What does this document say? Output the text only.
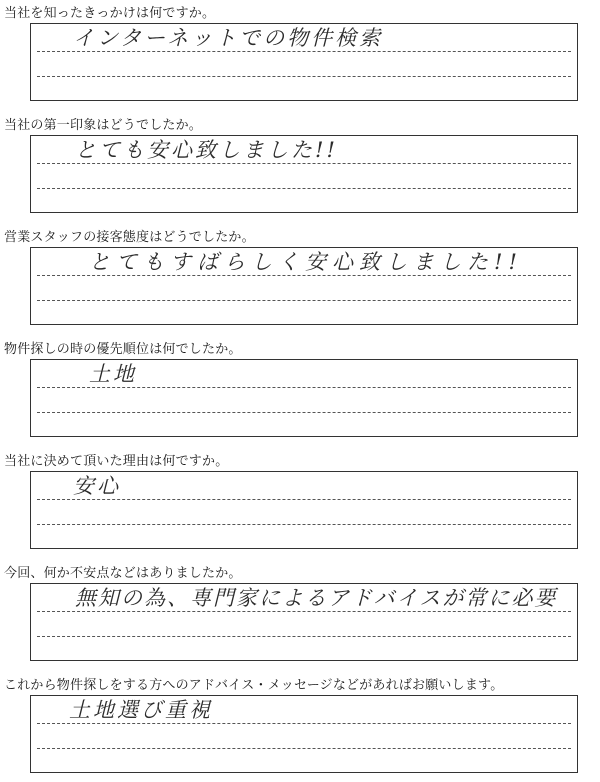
当社を知ったきっかけは何ですか。
インターネットでの物件検索
当社の第一印象はどうでしたか。
とても安心致しました!!
営業スタッフの接客態度はどうでしたか。
とてもすばらしく安心致しました!!
物件探しの時の優先順位は何でしたか。
土地
当社に決めて頂いた理由は何ですか。
安心
今回、何か不安点などはありましたか。
無知の為、専門家によるアドバイスが常に必要
これから物件探しをする方へのアドバイス・メッセージなどがあればお願いします。
土地選び重視
